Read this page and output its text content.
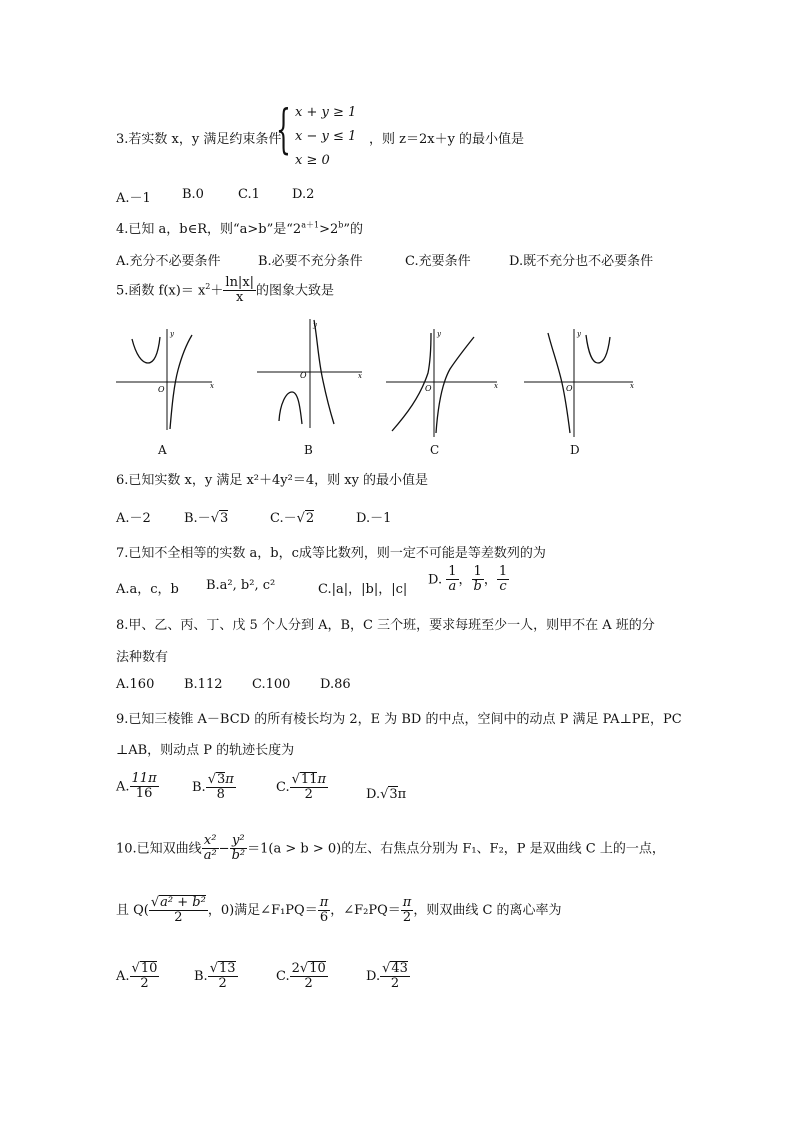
3.若实数 x，y 满足约束条件
{ x + y ≥ 1
x − y ≤ 1
x ≥ 0
，则 z＝2x＋y 的最小值是
A.－1 B.0	C.1 D.2
4.已知 a，b∈R，则“a>b”是“$2^{a+1}>2^b$”的
A.充分不必要条件	B.必要不充分条件	C.充要条件	D.既不充分也不必要条件
5.函数 $f(x)= x^2+ \frac{\ln|x|}{x}$ 的图象大致是
O	x
y
A
O	x
y
B
O	x
y
C
O	x
y
D
6.已知实数 x，y 满足 x²＋4y²＝4，则 xy 的最小值是
A.－2	B.－√3	C.－√2	D.－1
7.已知不全相等的实数 a，b，c成等比数列，则一定不可能是等差数列的为
A.a，c，b B.a², b², c²	C.|a|，|b|，|c|
D. $\frac{1}{a}$ ， $\frac{1}{b}$ ， $\frac{1}{c}$
8.甲、乙、丙、丁、戊 5 个人分到 A，B，C 三个班，要求每班至少一人，则甲不在 A 班的分
法种数有
A.160 B.112 C.100 D.86
9.已知三棱锥 A－BCD 的所有棱长均为 2，E 为 BD 的中点，空间中的动点 P 满足 PA⊥PE，PC
⊥AB，则动点 P 的轨迹长度为
A. $\frac{11\pi}{16}$	B. $\frac{√3\pi}{8}$	C. $\frac{√11\pi}{2}$	D.√3π
10.已知双曲线 $\frac{\text{x²}}{\text{a²}} - \frac{\text{y²}}{\text{b²}} =1(a > b > 0)$的左、右焦点分别为 F₁、F₂，P 是双曲线 C 上的一点，
且 $Q( \frac{\text{√a² + b²}}{2}$ ，0)满足∠F₁PQ＝ $\frac{\pi}{6}$ ，∠F₂PQ＝ $\frac{\pi}{2}$ ，则双曲线 C 的离心率为
A. $\frac{√10}{2}$	B. $\frac{√13}{2}$	C. $\frac{2√10}{2}$	D. $\frac{√43}{2}$
